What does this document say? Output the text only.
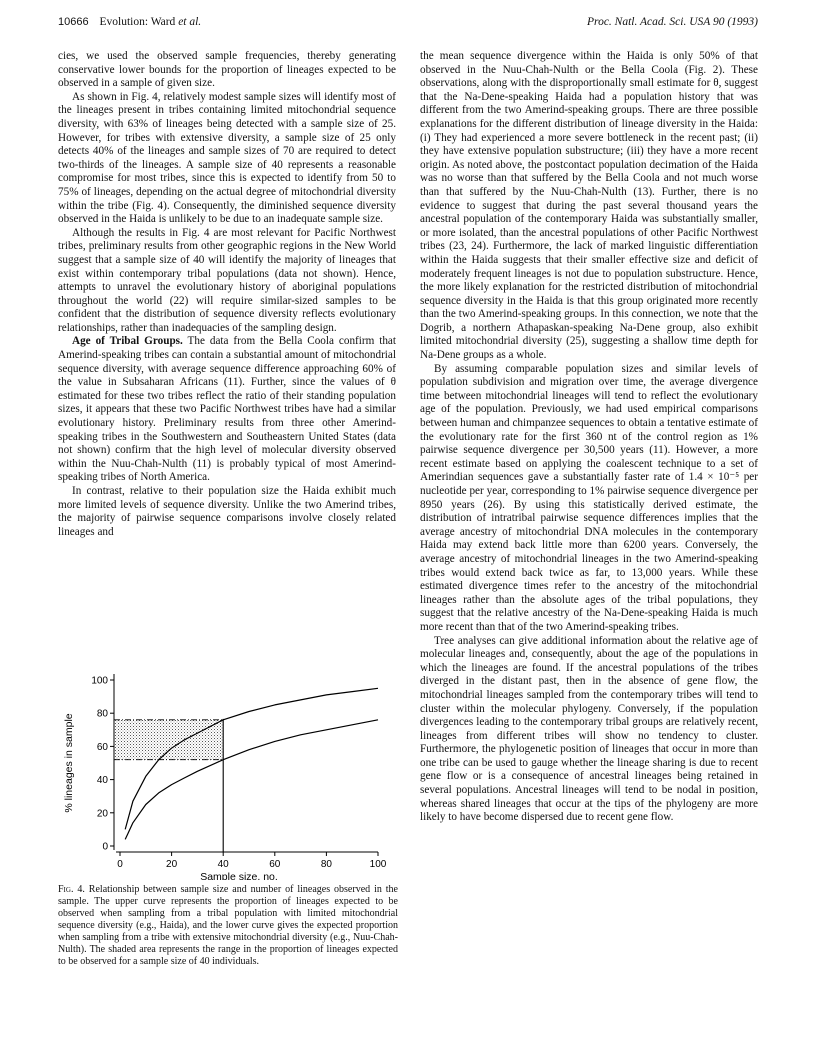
10666 Evolution: Ward et al.	Proc. Natl. Acad. Sci. USA 90 (1993)

cies, we used the observed sample frequencies, thereby generating conservative lower bounds for the proportion of lineages expected to be observed in a sample of given size.

As shown in Fig. 4, relatively modest sample sizes will identify most of the lineages present in tribes containing limited mitochondrial sequence diversity, with 63% of lineages being detected with a sample size of 25. However, for tribes with extensive diversity, a sample size of 25 only detects 40% of the lineages and sample sizes of 70 are required to detect two-thirds of the lineages. A sample size of 40 represents a reasonable compromise for most tribes, since this is expected to identify from 50 to 75% of lineages, depending on the actual degree of mitochondrial diversity within the tribe (Fig. 4). Consequently, the diminished sequence diversity observed in the Haida is unlikely to be due to an inadequate sample size.

Although the results in Fig. 4 are most relevant for Pacific Northwest tribes, preliminary results from other geographic regions in the New World suggest that a sample size of 40 will identify the majority of lineages that exist within contemporary tribal populations (data not shown). Hence, attempts to unravel the evolutionary history of aboriginal populations throughout the world (22) will require similar-sized samples to be confident that the distribution of sequence diversity reflects evolutionary relationships, rather than inadequacies of the sampling design.

Age of Tribal Groups. The data from the Bella Coola confirm that Amerind-speaking tribes can contain a substantial amount of mitochondrial sequence diversity, with average sequence difference approaching 60% of the value in Subsaharan Africans (11). Further, since the values of θ estimated for these two tribes reflect the ratio of their standing population sizes, it appears that these two Pacific Northwest tribes have had a similar evolutionary history. Preliminary results from three other Amerind-speaking tribes in the Southwestern and Southeastern United States (data not shown) confirm that the high level of molecular diversity observed within the Nuu-Chah-Nulth (11) is probably typical of most Amerind-speaking tribes of North America.

In contrast, relative to their population size the Haida exhibit much more limited levels of sequence diversity. Unlike the two Amerind tribes, the majority of pairwise sequence comparisons involve closely related lineages and

the mean sequence divergence within the Haida is only 50% of that observed in the Nuu-Chah-Nulth or the Bella Coola (Fig. 2). These observations, along with the disproportionally small estimate for θ, suggest that the Na-Dene-speaking Haida had a population history that was different from the two Amerind-speaking groups. There are three possible explanations for the different distribution of lineage diversity in the Haida: (i) They had experienced a more severe bottleneck in the recent past; (ii) they have extensive population substructure; (iii) they have a more recent origin. As noted above, the postcontact population decimation of the Haida was no worse than that suffered by the Bella Coola and not much worse than that suffered by the Nuu-Chah-Nulth (13). Further, there is no evidence to suggest that during the past several thousand years the ancestral population of the contemporary Haida was substantially smaller, or more isolated, than the ancestral populations of other Pacific Northwest tribes (23, 24). Furthermore, the lack of marked linguistic differentiation within the Haida suggests that their smaller effective size and deficit of moderately frequent lineages is not due to population substructure. Hence, the more likely explanation for the restricted distribution of mitochondrial sequence diversity in the Haida is that this group originated more recently than the two Amerind-speaking groups. In this connection, we note that the Dogrib, a northern Athapaskan-speaking Na-Dene group, also exhibit limited mitochondrial diversity (25), suggesting a shallow time depth for Na-Dene groups as a whole.

By assuming comparable population sizes and similar levels of population subdivision and migration over time, the average divergence time between mitochondrial lineages will tend to reflect the evolutionary age of the population. Previously, we had used empirical comparisons between human and chimpanzee sequences to obtain a tentative estimate of the evolutionary rate for the first 360 nt of the control region as 1% pairwise sequence divergence per 30,500 years (11). However, a more recent estimate based on applying the coalescent technique to a set of Amerindian sequences gave a substantially faster rate of 1.4 × 10⁻⁵ per nucleotide per year, corresponding to 1% pairwise sequence divergence per 8950 years (26). By using this statistically derived estimate, the distribution of intratribal pairwise sequence differences implies that the average ancestry of mitochondrial DNA molecules in the contemporary Haida may extend back little more than 6200 years. Conversely, the average ancestry of mitochondrial lineages in the two Amerind-speaking tribes would extend back twice as far, to 13,000 years. While these estimated divergence times refer to the ancestry of the mitochondrial lineages rather than the absolute ages of the tribal populations, they suggest that the relative ancestry of the Na-Dene-speaking Haida is much more recent than that of the two Amerind-speaking tribes.

Tree analyses can give additional information about the relative age of molecular lineages and, consequently, about the age of the populations in which the lineages are found. If the ancestral populations of the tribes diverged in the distant past, then in the absence of gene flow, the mitochondrial lineages sampled from the contemporary tribes will tend to cluster within the molecular phylogeny. Conversely, if the population divergences leading to the contemporary tribal groups are relatively recent, lineages from different tribes will show no tendency to cluster. Furthermore, the phylogenetic position of lineages that occur in more than one tribe can be used to gauge whether the lineage sharing is due to recent gene flow or is a consequence of ancestral lineages being retained in several populations. Ancestral lineages will tend to be nodal in position, whereas shared lineages that occur at the tips of the phylogeny are more likely to have become dispersed due to recent gene flow.

0	20	40	60	80	100
0
20
40
60
80
100
% lineages in sample
Sample size, no.
Fig. 4. Relationship between sample size and number of lineages observed in the sample. The upper curve represents the proportion of lineages expected to be observed when sampling from a tribal population with limited mitochondrial sequence diversity (e.g., Haida), and the lower curve gives the expected proportion when sampling from a tribe with extensive mitochondrial diversity (e.g., Nuu-Chah-Nulth). The shaded area represents the range in the proportion of lineages expected to be observed for a sample size of 40 individuals.
